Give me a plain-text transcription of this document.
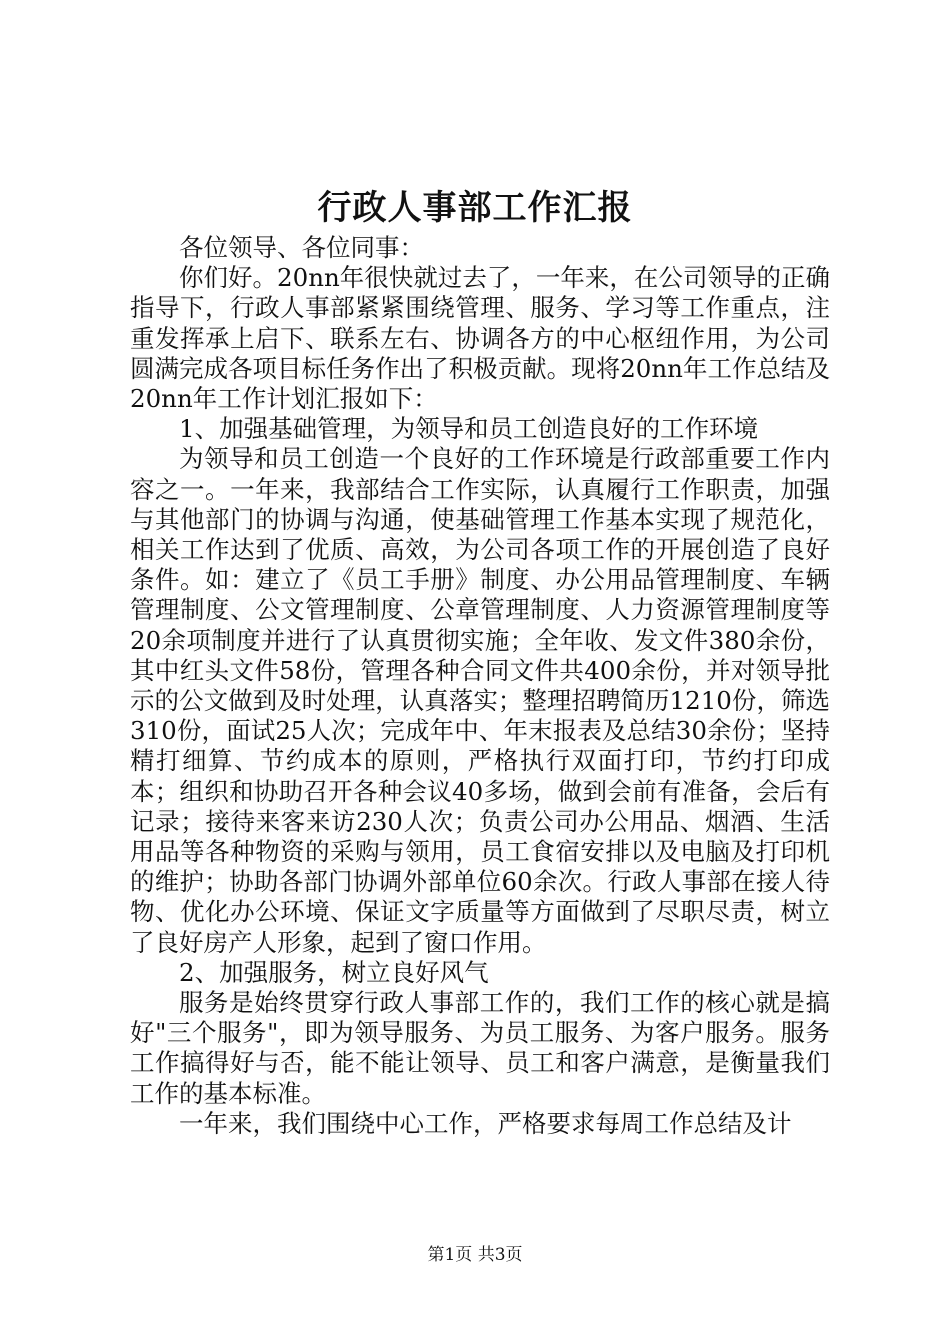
行政人事部工作汇报

各位领导、各位同事：

你们好。20nn年很快就过去了，一年来，在公司领导的正确指导下，行政人事部紧紧围绕管理、服务、学习等工作重点，注重发挥承上启下、联系左右、协调各方的中心枢纽作用，为公司圆满完成各项目标任务作出了积极贡献。现将20nn年工作总结及20nn年工作计划汇报如下：

1、加强基础管理，为领导和员工创造良好的工作环境

为领导和员工创造一个良好的工作环境是行政部重要工作内容之一。一年来，我部结合工作实际，认真履行工作职责，加强与其他部门的协调与沟通，使基础管理工作基本实现了规范化，相关工作达到了优质、高效，为公司各项工作的开展创造了良好条件。如：建立了《员工手册》制度、办公用品管理制度、车辆管理制度、公文管理制度、公章管理制度、人力资源管理制度等20余项制度并进行了认真贯彻实施；全年收、发文件380余份，其中红头文件58份，管理各种合同文件共400余份，并对领导批示的公文做到及时处理，认真落实；整理招聘简历1210份，筛选310份，面试25人次；完成年中、年末报表及总结30余份；坚持精打细算、节约成本的原则，严格执行双面打印，节约打印成本；组织和协助召开各种会议40多场，做到会前有准备，会后有记录；接待来客来访230人次；负责公司办公用品、烟酒、生活用品等各种物资的采购与领用，员工食宿安排以及电脑及打印机的维护；协助各部门协调外部单位60余次。行政人事部在接人待物、优化办公环境、保证文字质量等方面做到了尽职尽责，树立了良好房产人形象，起到了窗口作用。

2、加强服务，树立良好风气

服务是始终贯穿行政人事部工作的，我们工作的核心就是搞好"三个服务"，即为领导服务、为员工服务、为客户服务。服务工作搞得好与否，能不能让领导、员工和客户满意，是衡量我们工作的基本标准。

一年来，我们围绕中心工作，严格要求每周工作总结及计

第1页 共3页
